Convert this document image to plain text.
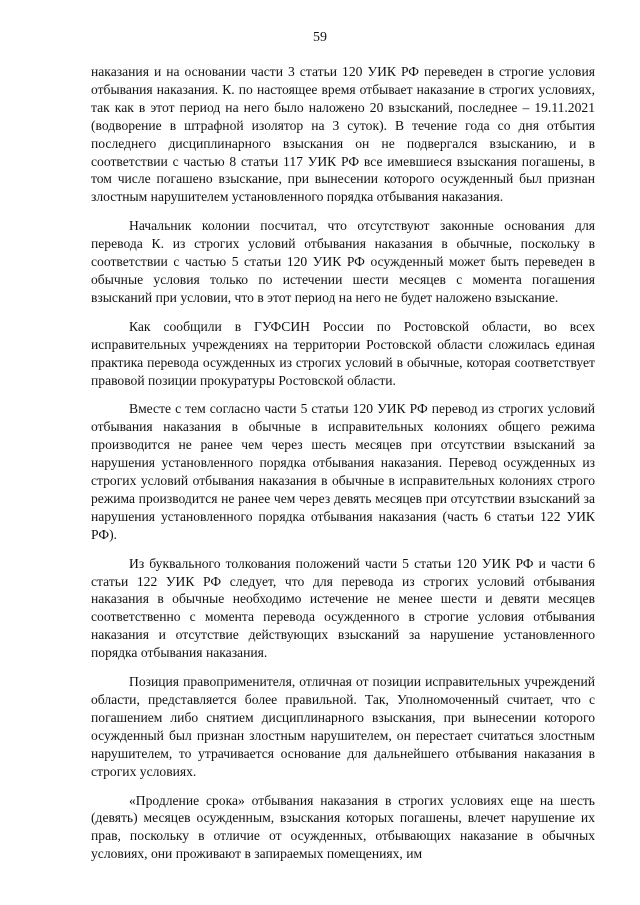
59

наказания и на основании части 3 статьи 120 УИК РФ переведен в строгие условия отбывания наказания. К. по настоящее время отбывает наказание в строгих условиях, так как в этот период на него было наложено 20 взысканий, последнее – 19.11.2021 (водворение в штрафной изолятор на 3 суток). В течение года со дня отбытия последнего дисциплинарного взыскания он не подвергался взысканию, и в соответствии с частью 8 статьи 117 УИК РФ все имевшиеся взыскания погашены, в том числе погашено взыскание, при вынесении которого осужденный был признан злостным нарушителем установленного порядка отбывания наказания.

Начальник колонии посчитал, что отсутствуют законные основания для перевода К. из строгих условий отбывания наказания в обычные, поскольку в соответствии с частью 5 статьи 120 УИК РФ осужденный может быть переведен в обычные условия только по истечении шести месяцев с момента погашения взысканий при условии, что в этот период на него не будет наложено взыскание.

Как сообщили в ГУФСИН России по Ростовской области, во всех исправительных учреждениях на территории Ростовской области сложилась единая практика перевода осужденных из строгих условий в обычные, которая соответствует правовой позиции прокуратуры Ростовской области.

Вместе с тем согласно части 5 статьи 120 УИК РФ перевод из строгих условий отбывания наказания в обычные в исправительных колониях общего режима производится не ранее чем через шесть месяцев при отсутствии взысканий за нарушения установленного порядка отбывания наказания. Перевод осужденных из строгих условий отбывания наказания в обычные в исправительных колониях строго режима производится не ранее чем через девять месяцев при отсутствии взысканий за нарушения установленного порядка отбывания наказания (часть 6 статьи 122 УИК РФ).

Из буквального толкования положений части 5 статьи 120 УИК РФ и части 6 статьи 122 УИК РФ следует, что для перевода из строгих условий отбывания наказания в обычные необходимо истечение не менее шести и девяти месяцев соответственно с момента перевода осужденного в строгие условия отбывания наказания и отсутствие действующих взысканий за нарушение установленного порядка отбывания наказания.

Позиция правоприменителя, отличная от позиции исправительных учреждений области, представляется более правильной. Так, Уполномоченный считает, что с погашением либо снятием дисциплинарного взыскания, при вынесении которого осужденный был признан злостным нарушителем, он перестает считаться злостным нарушителем, то утрачивается основание для дальнейшего отбывания наказания в строгих условиях.

«Продление срока» отбывания наказания в строгих условиях еще на шесть (девять) месяцев осужденным, взыскания которых погашены, влечет нарушение их прав, поскольку в отличие от осужденных, отбывающих наказание в обычных условиях, они проживают в запираемых помещениях, им
